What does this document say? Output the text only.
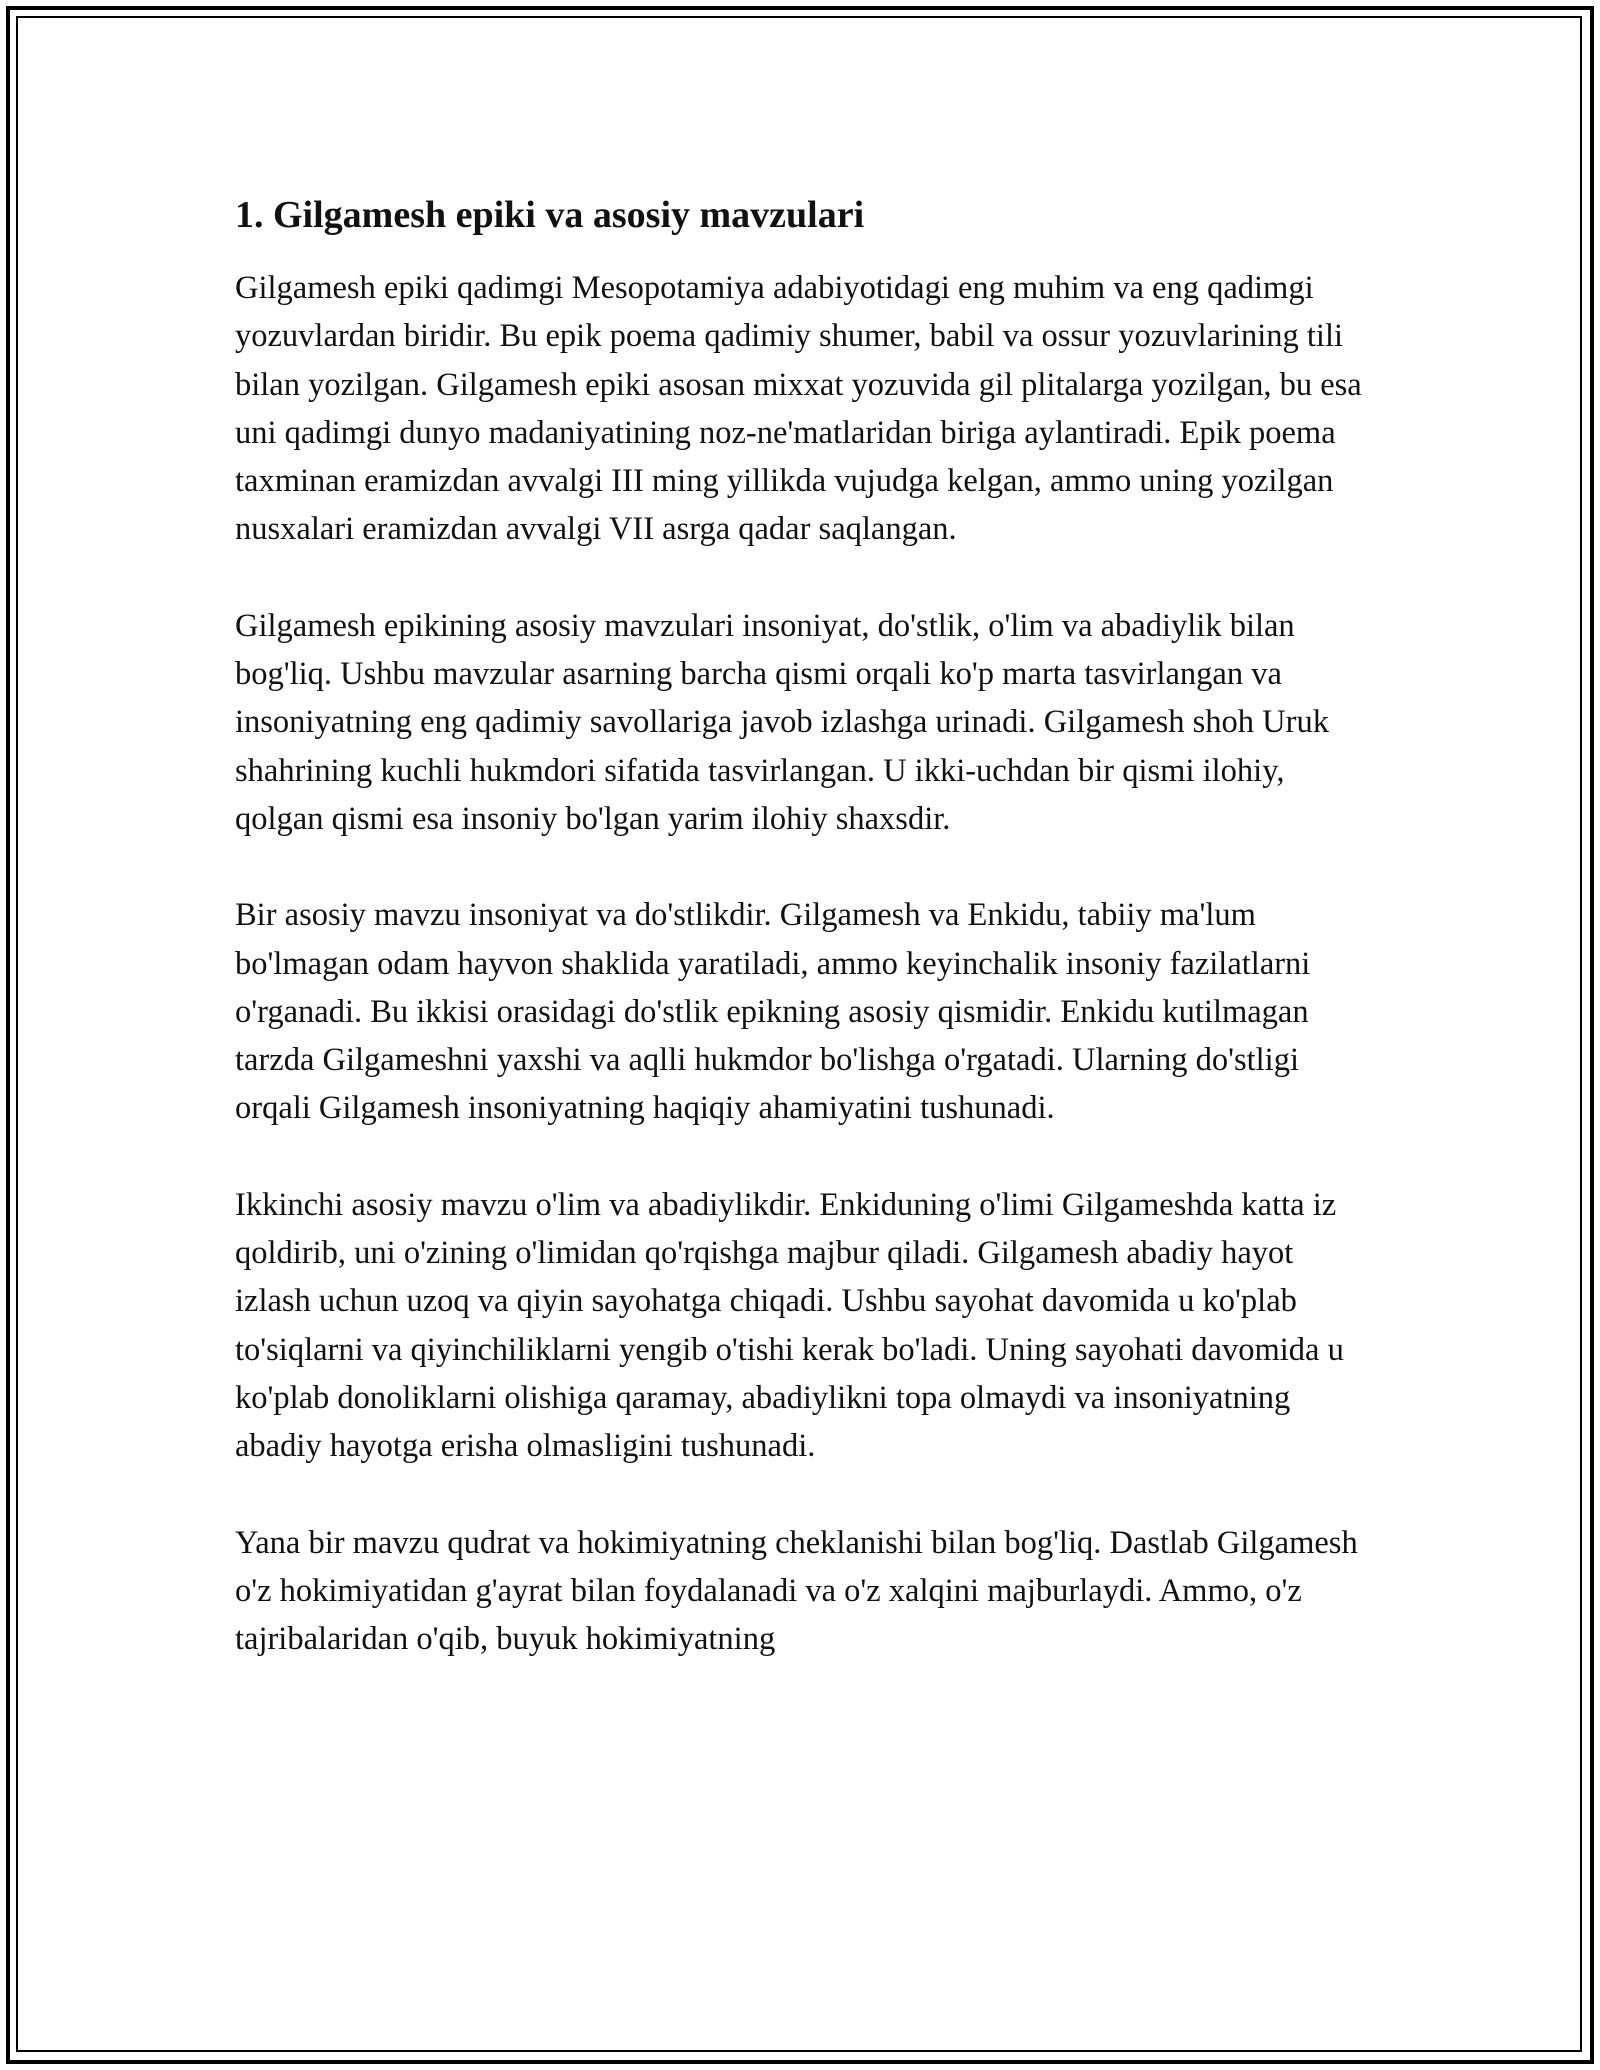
1. Gilgamesh epiki va asosiy mavzulari

Gilgamesh epiki qadimgi Mesopotamiya adabiyotidagi eng muhim va eng qadimgi yozuvlardan biridir. Bu epik poema qadimiy shumer, babil va ossur yozuvlarining tili bilan yozilgan. Gilgamesh epiki asosan mixxat yozuvida gil plitalarga yozilgan, bu esa uni qadimgi dunyo madaniyatining noz-ne'matlaridan biriga aylantiradi. Epik poema taxminan eramizdan avvalgi III ming yillikda vujudga kelgan, ammo uning yozilgan nusxalari eramizdan avvalgi VII asrga qadar saqlangan.

Gilgamesh epikining asosiy mavzulari insoniyat, do'stlik, o'lim va abadiylik bilan bog'liq. Ushbu mavzular asarning barcha qismi orqali ko'p marta tasvirlangan va insoniyatning eng qadimiy savollariga javob izlashga urinadi. Gilgamesh shoh Uruk shahrining kuchli hukmdori sifatida tasvirlangan. U ikki-uchdan bir qismi ilohiy, qolgan qismi esa insoniy bo'lgan yarim ilohiy shaxsdir.

Bir asosiy mavzu insoniyat va do'stlikdir. Gilgamesh va Enkidu, tabiiy ma'lum bo'lmagan odam hayvon shaklida yaratiladi, ammo keyinchalik insoniy fazilatlarni o'rganadi. Bu ikkisi orasidagi do'stlik epikning asosiy qismidir. Enkidu kutilmagan tarzda Gilgameshni yaxshi va aqlli hukmdor bo'lishga o'rgatadi. Ularning do'stligi orqali Gilgamesh insoniyatning haqiqiy ahamiyatini tushunadi.

Ikkinchi asosiy mavzu o'lim va abadiylikdir. Enkiduning o'limi Gilgameshda katta iz qoldirib, uni o'zining o'limidan qo'rqishga majbur qiladi. Gilgamesh abadiy hayot izlash uchun uzoq va qiyin sayohatga chiqadi. Ushbu sayohat davomida u ko'plab to'siqlarni va qiyinchiliklarni yengib o'tishi kerak bo'ladi. Uning sayohati davomida u ko'plab donoliklarni olishiga qaramay, abadiylikni topa olmaydi va insoniyatning abadiy hayotga erisha olmasligini tushunadi.

Yana bir mavzu qudrat va hokimiyatning cheklanishi bilan bog'liq. Dastlab Gilgamesh o'z hokimiyatidan g'ayrat bilan foydalanadi va o'z xalqini majburlaydi. Ammo, o'z tajribalaridan o'qib, buyuk hokimiyatning
